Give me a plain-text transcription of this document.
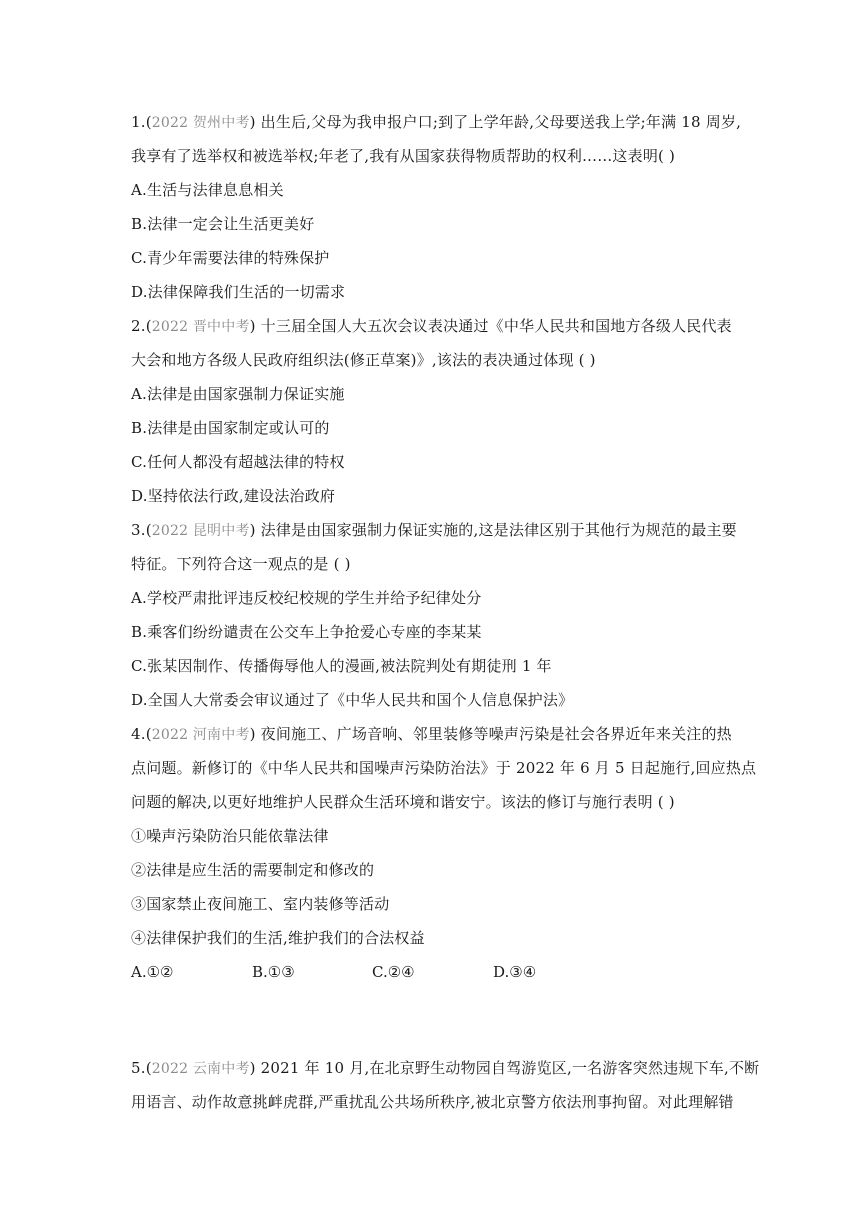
1.(2022 贺州中考) 出生后,父母为我申报户口;到了上学年龄,父母要送我上学;年满 18 周岁,
我享有了选举权和被选举权;年老了,我有从国家获得物质帮助的权利……这表明( )
A.生活与法律息息相关
B.法律一定会让生活更美好
C.青少年需要法律的特殊保护
D.法律保障我们生活的一切需求
2.(2022 晋中中考) 十三届全国人大五次会议表决通过《中华人民共和国地方各级人民代表
大会和地方各级人民政府组织法(修正草案)》,该法的表决通过体现 ( )
A.法律是由国家强制力保证实施
B.法律是由国家制定或认可的
C.任何人都没有超越法律的特权
D.坚持依法行政,建设法治政府
3.(2022 昆明中考) 法律是由国家强制力保证实施的,这是法律区别于其他行为规范的最主要
特征。下列符合这一观点的是 ( )
A.学校严肃批评违反校纪校规的学生并给予纪律处分
B.乘客们纷纷谴责在公交车上争抢爱心专座的李某某
C.张某因制作、传播侮辱他人的漫画,被法院判处有期徒刑 1 年
D.全国人大常委会审议通过了《中华人民共和国个人信息保护法》
4.(2022 河南中考) 夜间施工、广场音响、邻里装修等噪声污染是社会各界近年来关注的热
点问题。新修订的《中华人民共和国噪声污染防治法》于 2022 年 6 月 5 日起施行,回应热点
问题的解决,以更好地维护人民群众生活环境和谐安宁。该法的修订与施行表明 ( )
①噪声污染防治只能依靠法律
②法律是应生活的需要制定和修改的
③国家禁止夜间施工、室内装修等活动
④法律保护我们的生活,维护我们的合法权益
A.①②	B.①③	C.②④	D.③④
5.(2022 云南中考) 2021 年 10 月,在北京野生动物园自驾游览区,一名游客突然违规下车,不断
用语言、动作故意挑衅虎群,严重扰乱公共场所秩序,被北京警方依法刑事拘留。对此理解错
